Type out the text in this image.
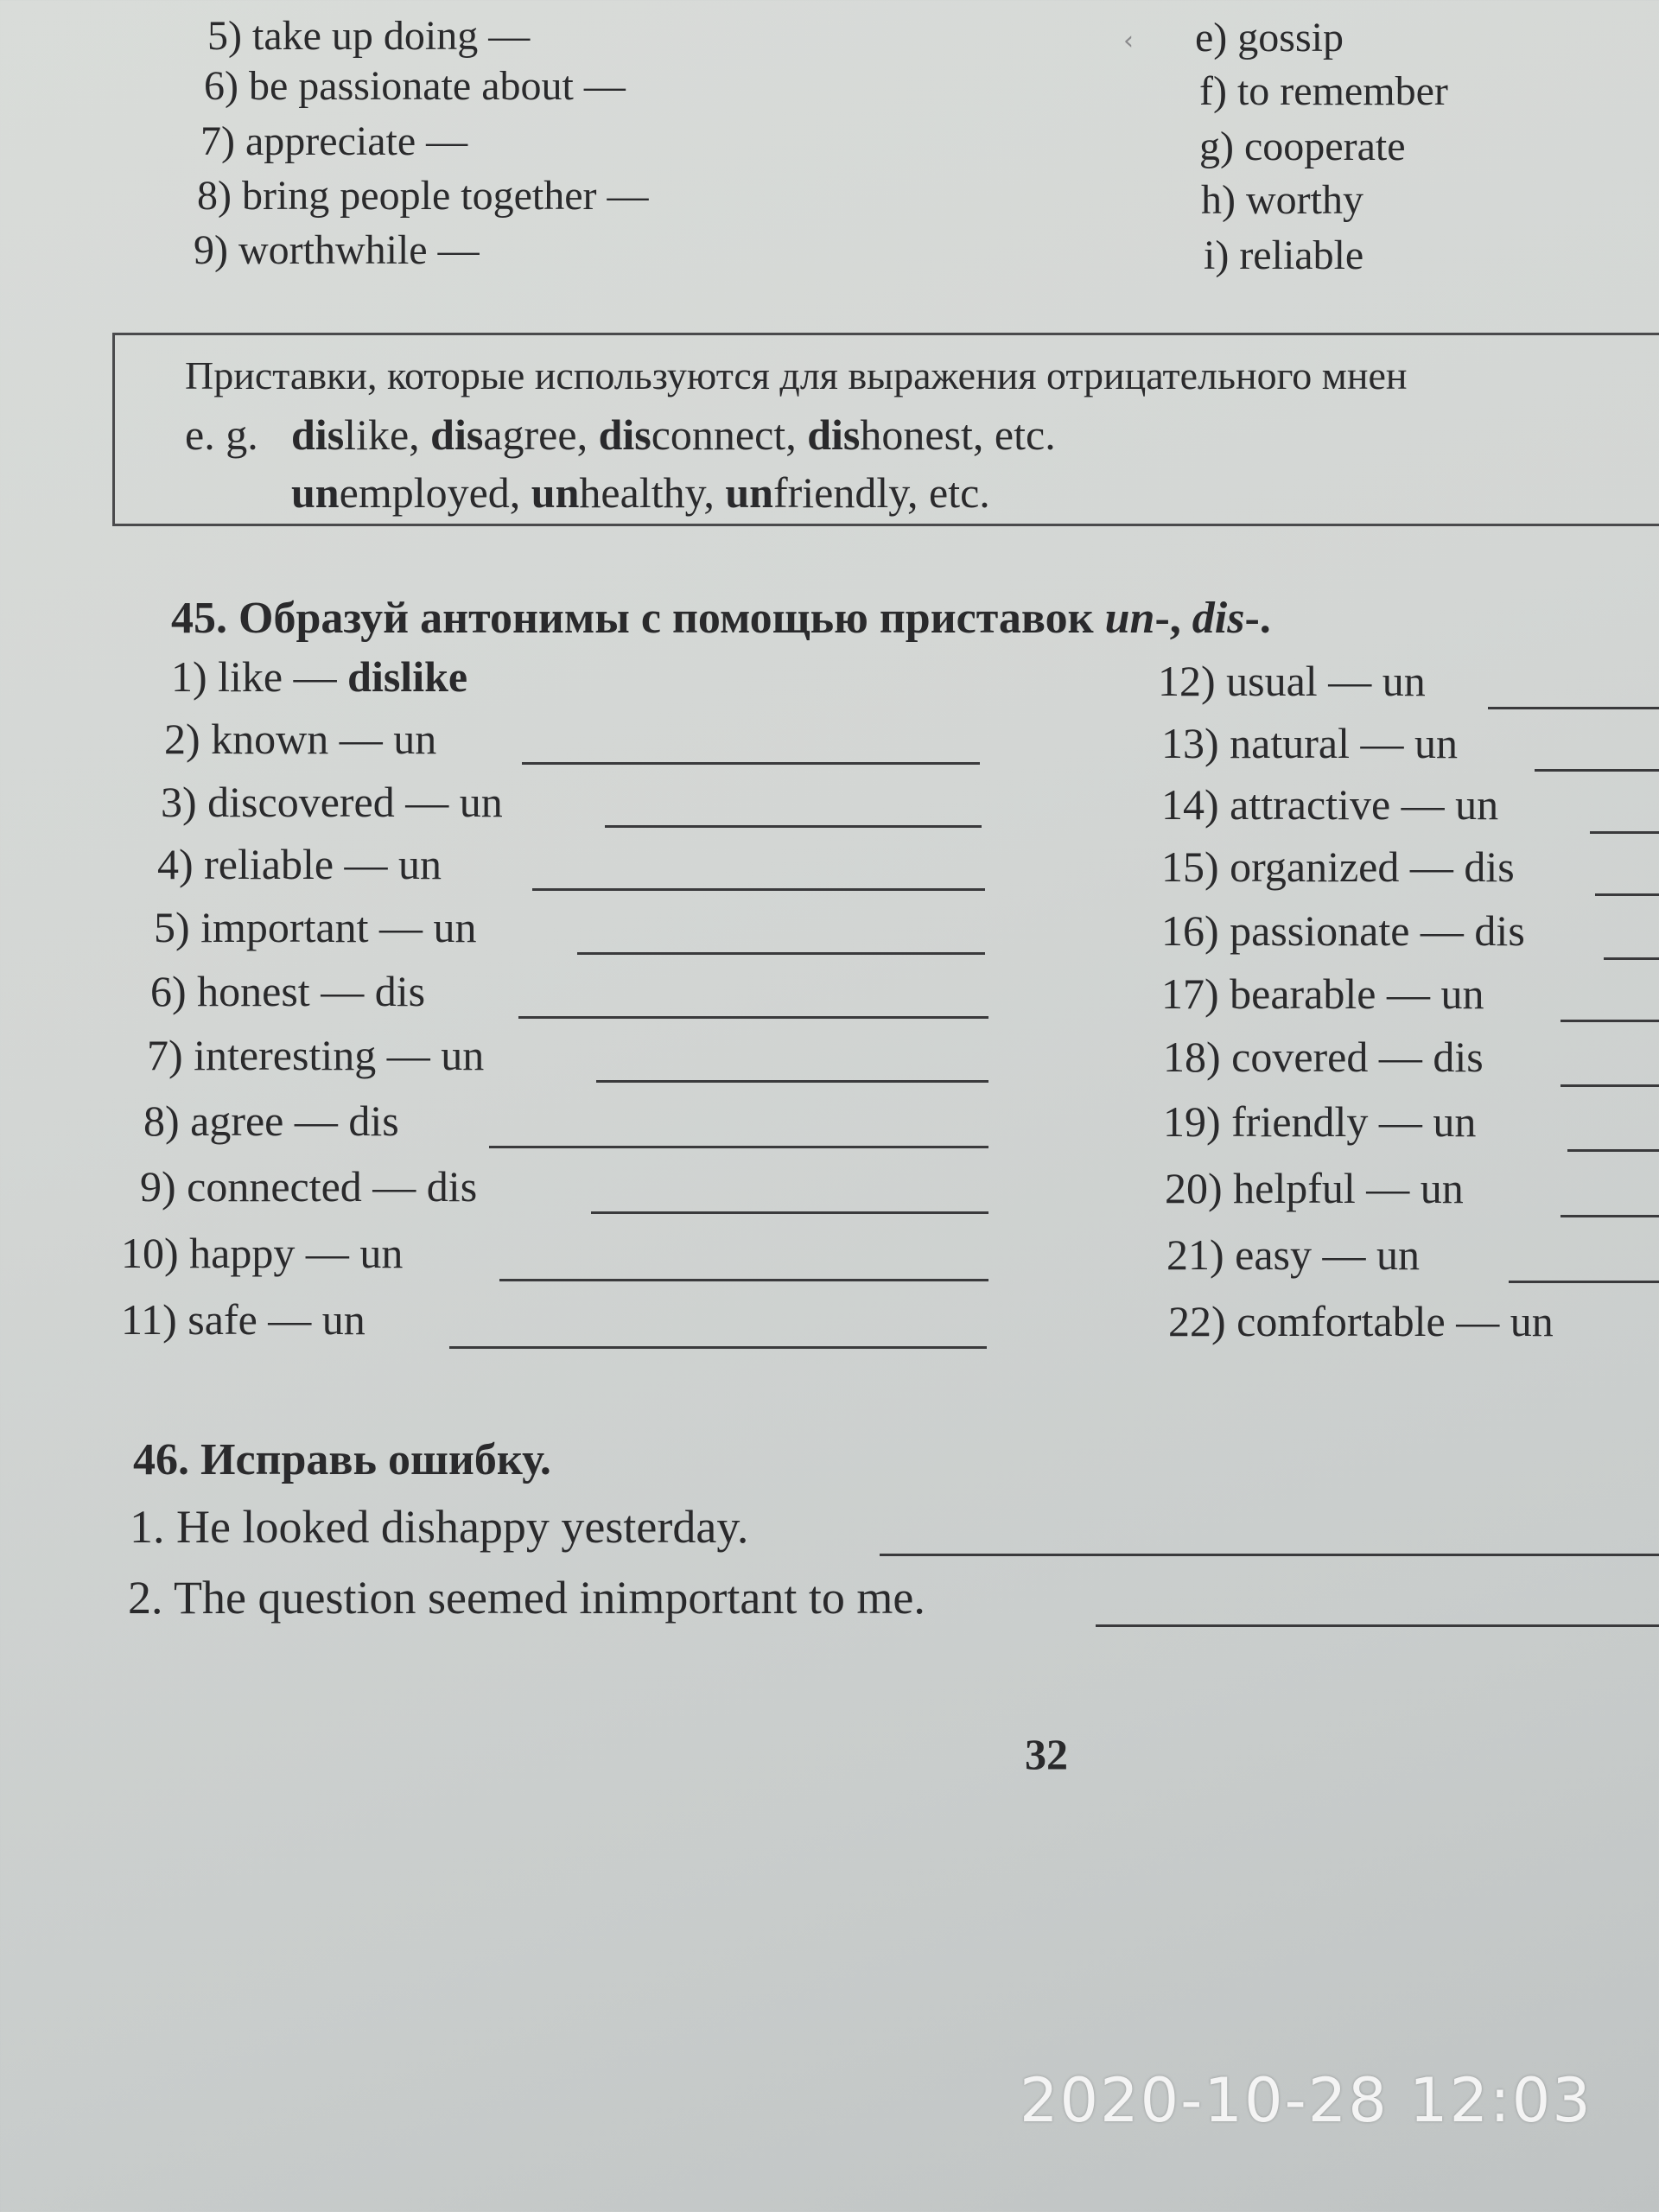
‹
5) take up doing —
6) be passionate about —
7) appreciate —
8) bring people together —
9) worthwhile —
e) gossip
f) to remember
g) cooperate
h) worthy
i) reliable
Приставки, которые используются для выражения отрицательного мнен
e. g. dislike, disagree, disconnect, dishonest, etc.
unemployed, unhealthy, unfriendly, etc.
45. Образуй антонимы с помощью приставок un-, dis-.
1) like — dislike
2) known — un
3) discovered — un
4) reliable — un
5) important — un
6) honest — dis
7) interesting — un
8) agree — dis
9) connected — dis
10) happy — un
11) safe — un
12) usual — un
13) natural — un
14) attractive — un
15) organized — dis
16) passionate — dis
17) bearable — un
18) covered — dis
19) friendly — un
20) helpful — un
21) easy — un
22) comfortable — un
46. Исправь ошибку.
1. He looked dishappy yesterday.
2. The question seemed inimportant to me.
32
2020-10-28 12:03
